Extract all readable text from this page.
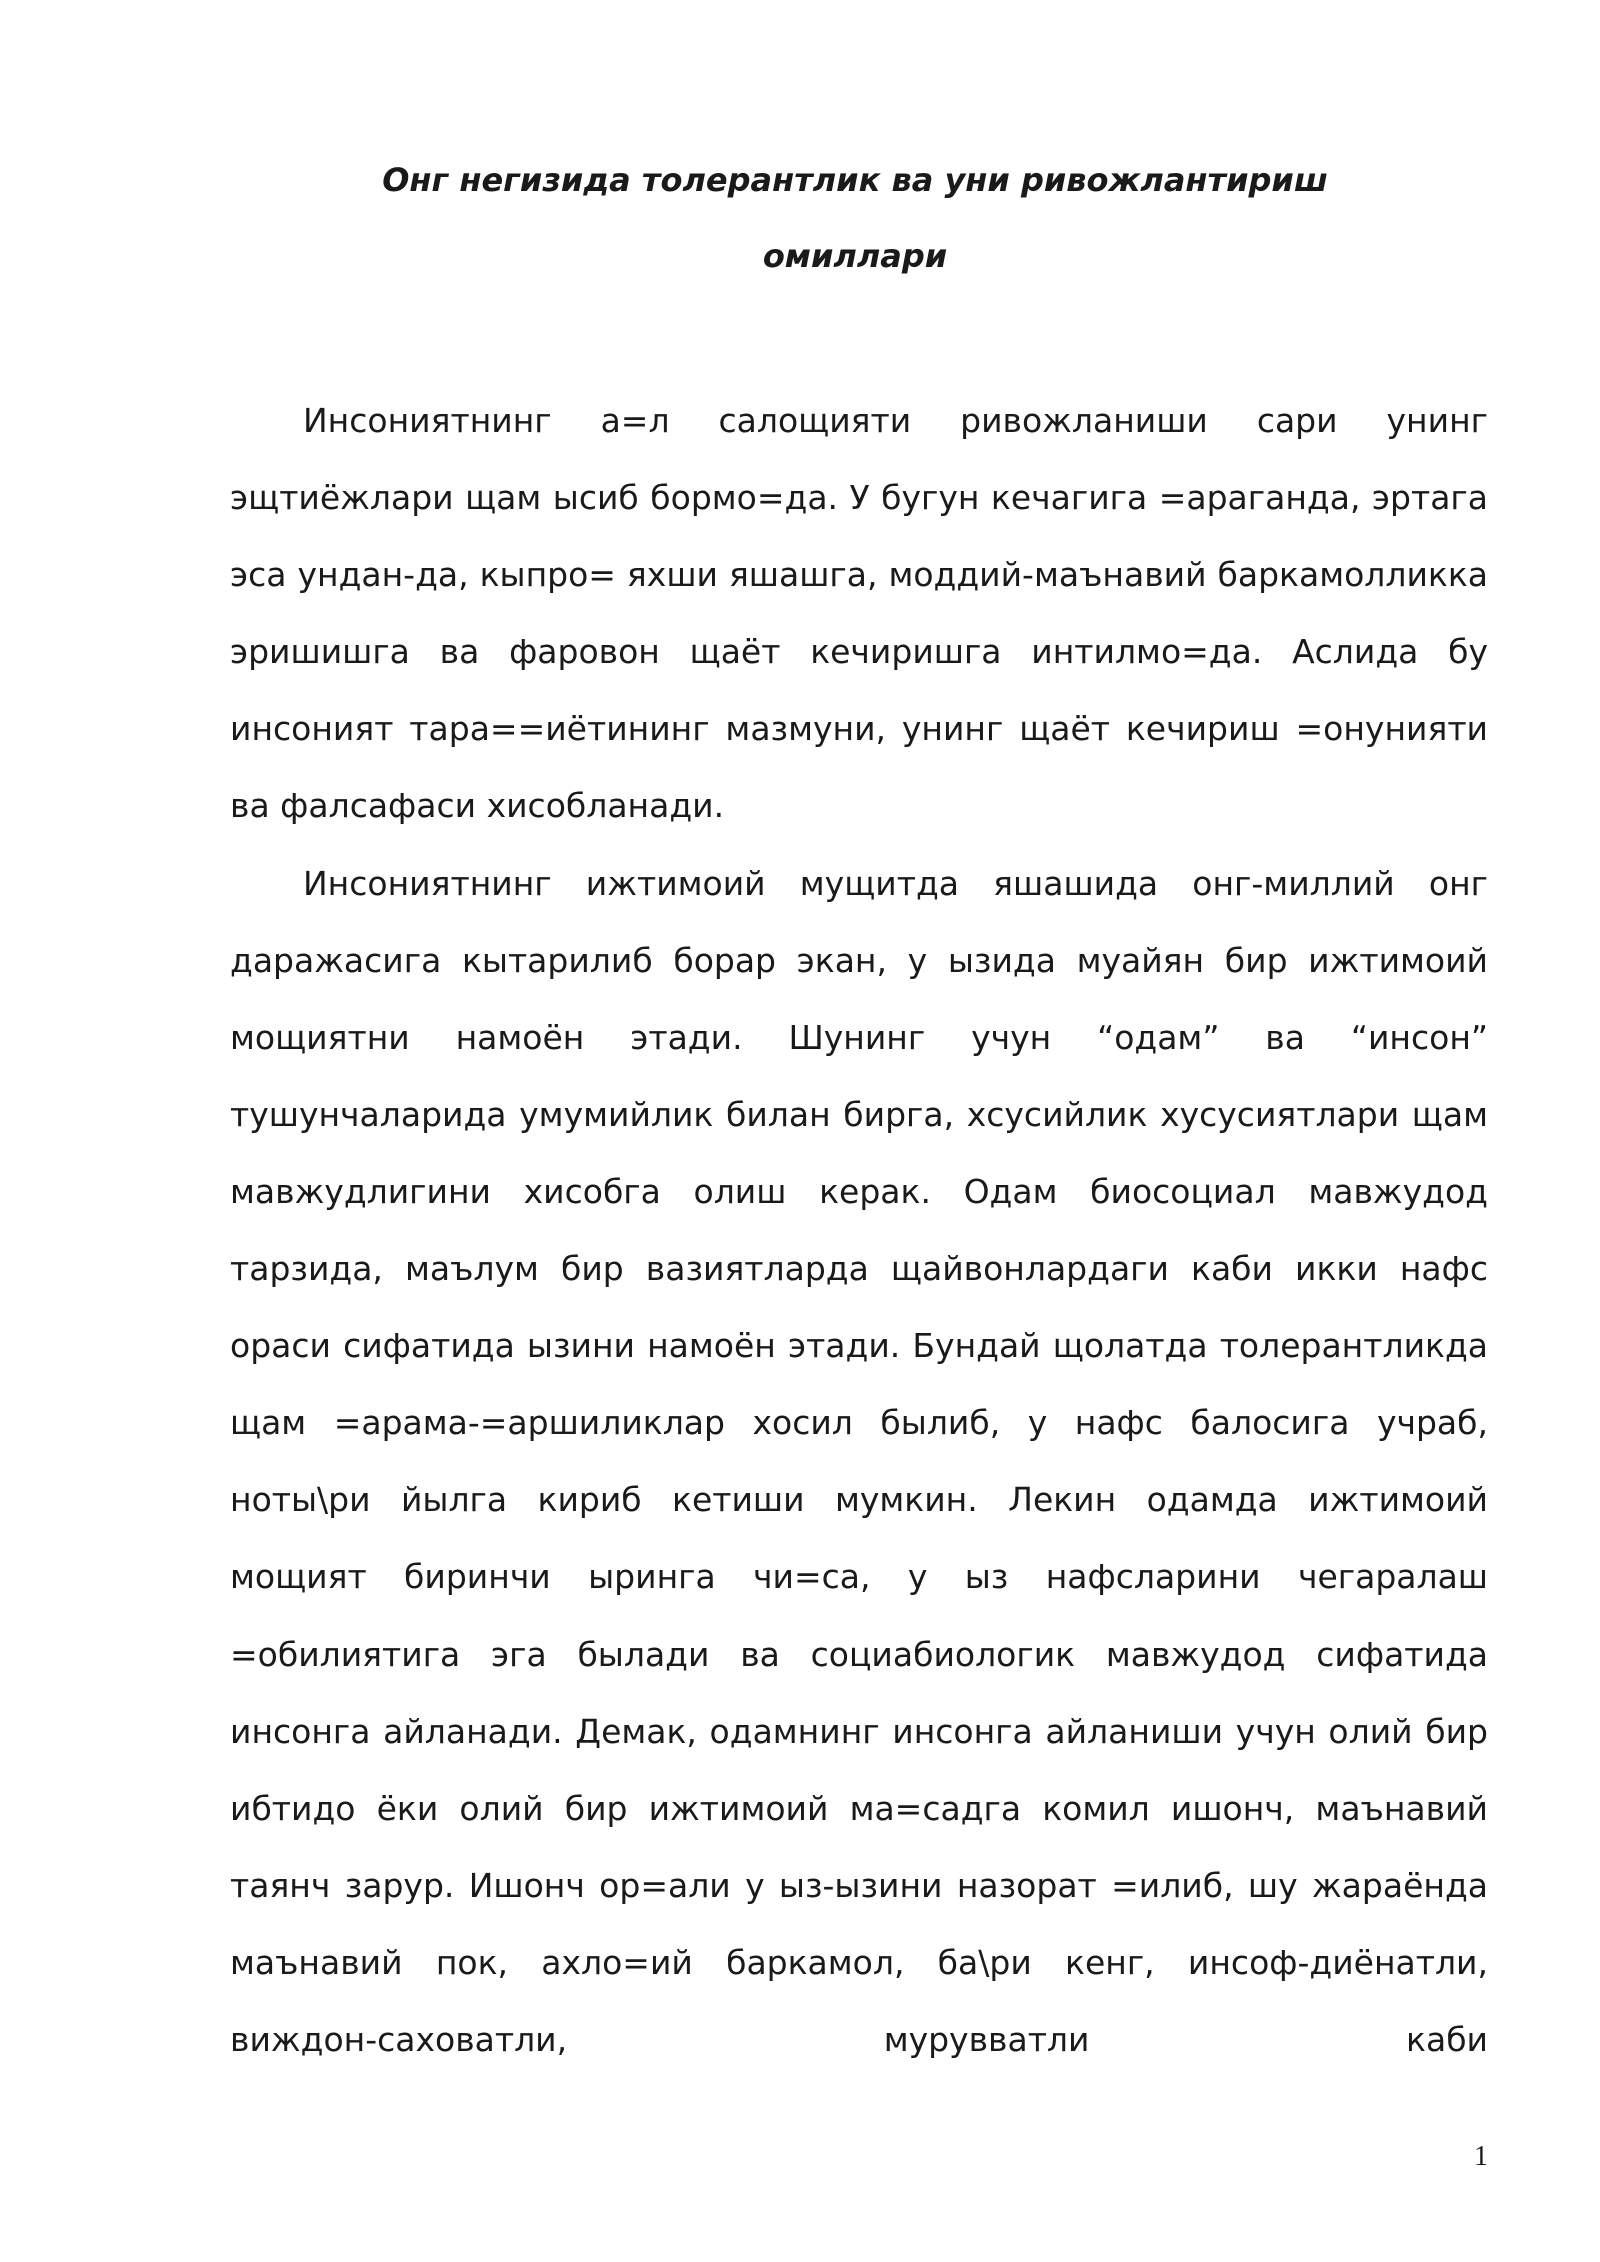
Онг негизида толерантлик ва уни ривожлантириш
омиллари

Инсониятнинг а=л салощияти ривожланиши сари унинг эщтиёжлари щам ысиб бормо=да. У бугун кечагига =араганда, эртага эса ундан-да, кыпро= яхши яшашга, моддий-маънавий баркамолликка эришишга ва фаровон щаёт кечиришга интилмо=да. Аслида бу инсоният тара==иётининг мазмуни, унинг щаёт кечириш =онунияти ва фалсафаси хисобланади.

Инсониятнинг ижтимоий мущитда яшашида онг-миллий онг даражасига кытарилиб борар экан, у ызида муайян бир ижтимоий мощиятни намоён этади. Шунинг учун “одам” ва “инсон” тушунчаларида умумийлик билан бирга, хсусийлик хусусиятлари щам мавжудлигини хисобга олиш керак. Одам биосоциал мавжудод тарзида, маълум бир вазиятларда щайвонлардаги каби икки нафс ораси сифатида ызини намоён этади. Бундай щолатда толерантликда щам =арама-=аршиликлар хосил былиб, у нафс балосига учраб, ноты\ри йылга кириб кетиши мумкин. Лекин одамда ижтимоий мощият биринчи ыринга чи=са, у ыз нафсларини чегаралаш =обилиятига эга былади ва социабиологик мавжудод сифатида инсонга айланади. Демак, одамнинг инсонга айланиши учун олий бир ибтидо ёки олий бир ижтимоий ма=садга комил ишонч, маънавий таянч зарур. Ишонч ор=али у ыз-ызини назорат =илиб, шу жараёнда маънавий пок, ахло=ий баркамол, ба\ри кенг, инсоф-диёнатли, виждон-саховатли, мурувватли каби

1
